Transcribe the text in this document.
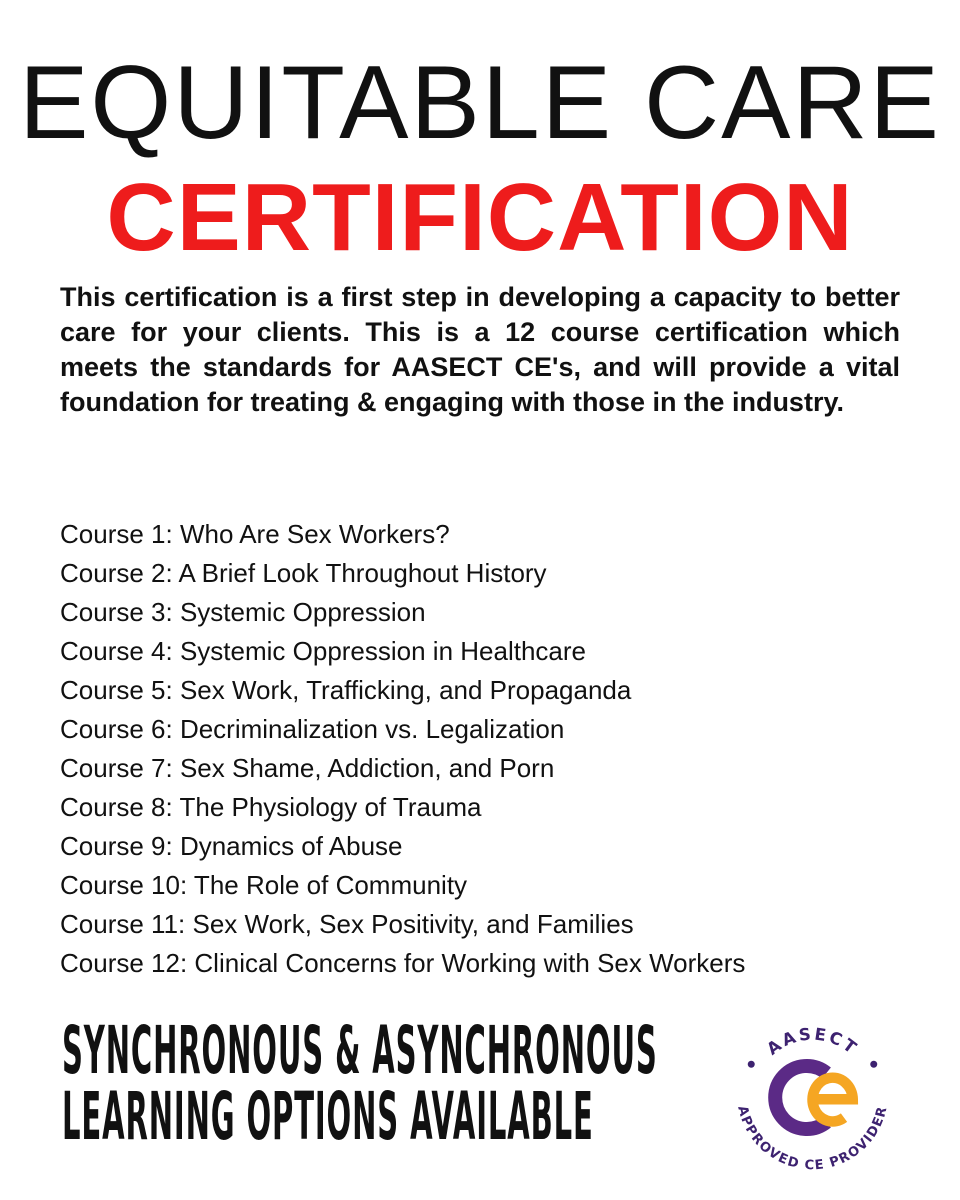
EQUITABLE CARE
CERTIFICATION

This certification is a first step in developing a capacity to better care for your clients. This is a 12 course certification which meets the standards for AASECT CE's, and will provide a vital foundation for treating & engaging with those in the industry.

Course 1: Who Are Sex Workers?
Course 2: A Brief Look Throughout History
Course 3: Systemic Oppression
Course 4: Systemic Oppression in Healthcare
Course 5: Sex Work, Trafficking, and Propaganda
Course 6: Decriminalization vs. Legalization
Course 7: Sex Shame, Addiction, and Porn
Course 8: The Physiology of Trauma
Course 9: Dynamics of Abuse
Course 10: The Role of Community
Course 11: Sex Work, Sex Positivity, and Families
Course 12: Clinical Concerns for Working with Sex Workers
SYNCHRONOUS & ASYNCHRONOUS
LEARNING OPTIONS AVAILABLE
AASECT
APPROVED CE PROVIDER
